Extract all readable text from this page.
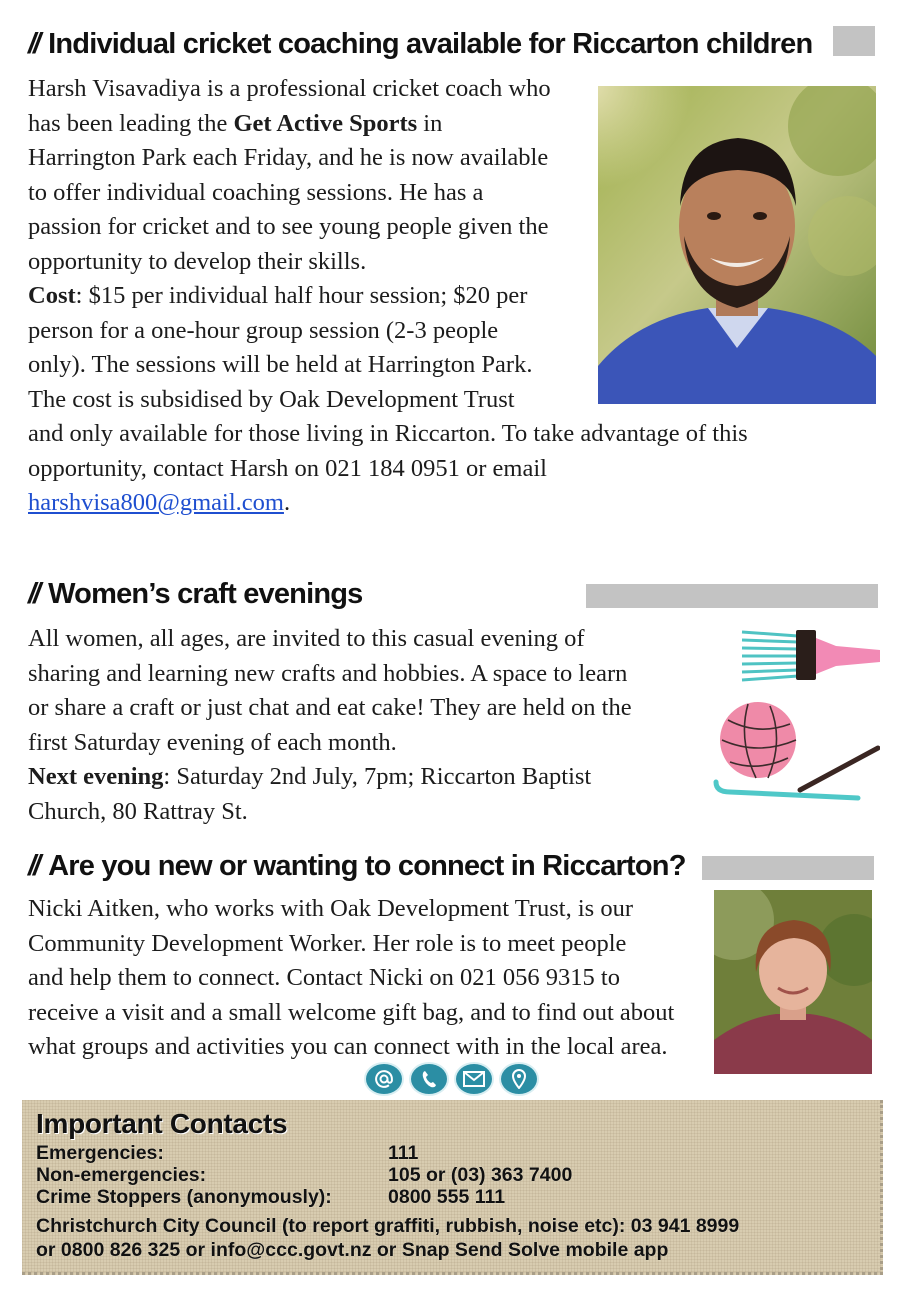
// Individual cricket coaching available for Riccarton children
Harsh Visavadiya is a professional cricket coach who
has been leading the Get Active Sports in
Harrington Park each Friday, and he is now available
to offer individual coaching sessions. He has a
passion for cricket and to see young people given the
opportunity to develop their skills.
Cost: $15 per individual half hour session; $20 per
person for a one-hour group session (2-3 people
only). The sessions will be held at Harrington Park.
The cost is subsidised by Oak Development Trust
and only available for those living in Riccarton. To take advantage of this
opportunity, contact Harsh on 021 184 0951 or email
harshvisa800@gmail.com.
// Women’s craft evenings
All women, all ages, are invited to this casual evening of
sharing and learning new crafts and hobbies. A space to learn
or share a craft or just chat and eat cake! They are held on the
first Saturday evening of each month.
Next evening: Saturday 2nd July, 7pm; Riccarton Baptist
Church, 80 Rattray St.
// Are you new or wanting to connect in Riccarton?
Nicki Aitken, who works with Oak Development Trust, is our
Community Development Worker. Her role is to meet people
and help them to connect. Contact Nicki on 021 056 9315 to
receive a visit and a small welcome gift bag, and to find out about
what groups and activities you can connect with in the local area.
Important Contacts
Emergencies:	111
Non-emergencies:	105 or (03) 363 7400
Crime Stoppers (anonymously):	0800 555 111
Christchurch City Council (to report graffiti, rubbish, noise etc): 03 941 8999
or 0800 826 325 or info@ccc.govt.nz or Snap Send Solve mobile app
